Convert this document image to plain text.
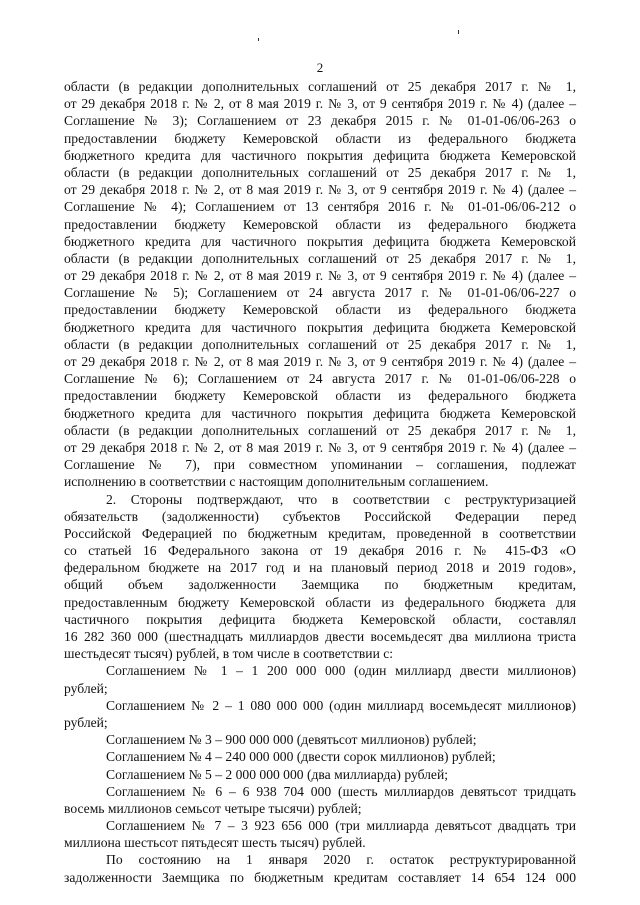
2
области (в редакции дополнительных соглашений от 25 декабря 2017 г. № 1,
от 29 декабря 2018 г. № 2, от 8 мая 2019 г. № 3, от 9 сентября 2019 г. № 4) (далее –
Соглашение № 3); Соглашением от 23 декабря 2015 г. № 01-01-06/06-263 о
предоставлении бюджету Кемеровской области из федерального бюджета
бюджетного кредита для частичного покрытия дефицита бюджета Кемеровской
области (в редакции дополнительных соглашений от 25 декабря 2017 г. № 1,
от 29 декабря 2018 г. № 2, от 8 мая 2019 г. № 3, от 9 сентября 2019 г. № 4) (далее –
Соглашение № 4); Соглашением от 13 сентября 2016 г. № 01-01-06/06-212 о
предоставлении бюджету Кемеровской области из федерального бюджета
бюджетного кредита для частичного покрытия дефицита бюджета Кемеровской
области (в редакции дополнительных соглашений от 25 декабря 2017 г. № 1,
от 29 декабря 2018 г. № 2, от 8 мая 2019 г. № 3, от 9 сентября 2019 г. № 4) (далее –
Соглашение № 5); Соглашением от 24 августа 2017 г. № 01-01-06/06-227 о
предоставлении бюджету Кемеровской области из федерального бюджета
бюджетного кредита для частичного покрытия дефицита бюджета Кемеровской
области (в редакции дополнительных соглашений от 25 декабря 2017 г. № 1,
от 29 декабря 2018 г. № 2, от 8 мая 2019 г. № 3, от 9 сентября 2019 г. № 4) (далее –
Соглашение № 6); Соглашением от 24 августа 2017 г. № 01-01-06/06-228 о
предоставлении бюджету Кемеровской области из федерального бюджета
бюджетного кредита для частичного покрытия дефицита бюджета Кемеровской
области (в редакции дополнительных соглашений от 25 декабря 2017 г. № 1,
от 29 декабря 2018 г. № 2, от 8 мая 2019 г. № 3, от 9 сентября 2019 г. № 4) (далее –
Соглашение № 7), при совместном упоминании – соглашения, подлежат
исполнению в соответствии с настоящим дополнительным соглашением.
2. Стороны подтверждают, что в соответствии с реструктуризацией
обязательств (задолженности) субъектов Российской Федерации перед
Российской Федерацией по бюджетным кредитам, проведенной в соответствии
со статьей 16 Федерального закона от 19 декабря 2016 г. № 415-ФЗ «О
федеральном бюджете на 2017 год и на плановый период 2018 и 2019 годов»,
общий объем задолженности Заемщика по бюджетным кредитам,
предоставленным бюджету Кемеровской области из федерального бюджета для
частичного покрытия дефицита бюджета Кемеровской области, составлял
16 282 360 000 (шестнадцать миллиардов двести восемьдесят два миллиона триста
шестьдесят тысяч) рублей, в том числе в соответствии с:
Соглашением № 1 – 1 200 000 000 (один миллиард двести миллионов)
рублей;
Соглашением № 2 – 1 080 000 000 (один миллиард восемьдесят миллионов)
рублей;
Соглашением № 3 – 900 000 000 (девятьсот миллионов) рублей;
Соглашением № 4 – 240 000 000 (двести сорок миллионов) рублей;
Соглашением № 5 – 2 000 000 000 (два миллиарда) рублей;
Соглашением № 6 – 6 938 704 000 (шесть миллиардов девятьсот тридцать
восемь миллионов семьсот четыре тысячи) рублей;
Соглашением № 7 – 3 923 656 000 (три миллиарда девятьсот двадцать три
миллиона шестьсот пятьдесят шесть тысяч) рублей.
По состоянию на 1 января 2020 г. остаток реструктурированной
задолженности Заемщика по бюджетным кредитам составляет 14 654 124 000
